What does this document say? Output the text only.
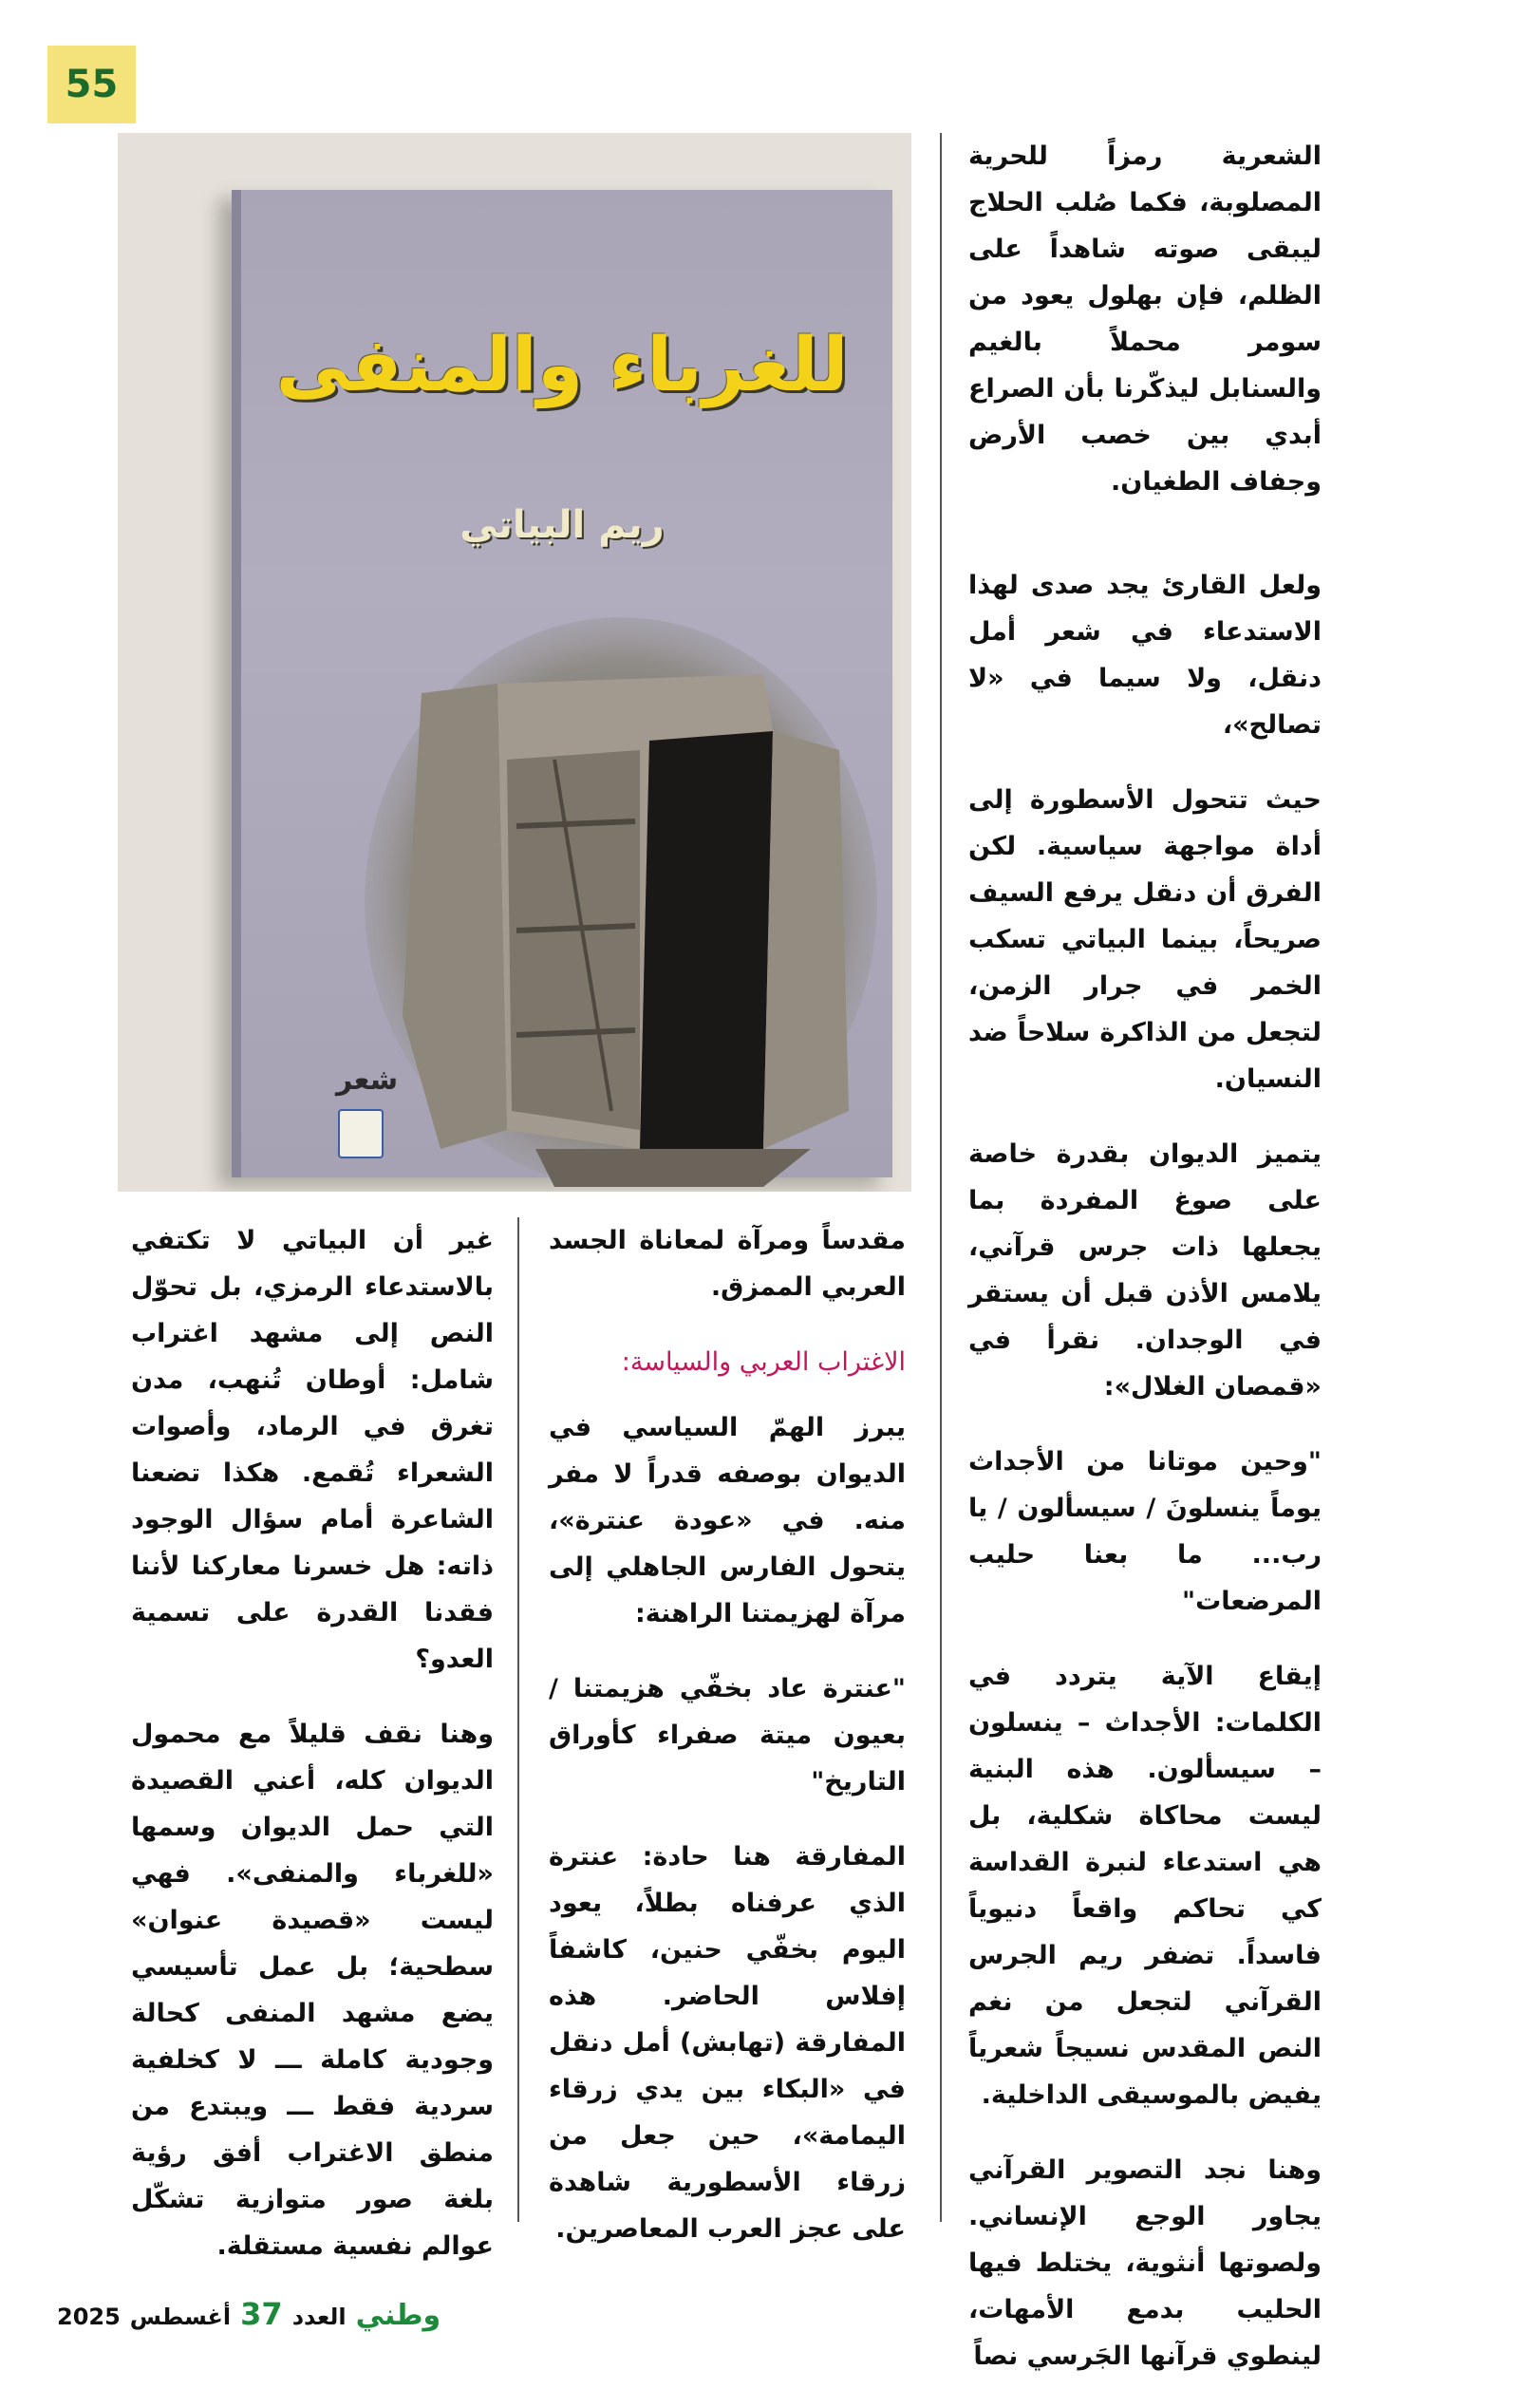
55
للغرباء والمنفى
ريم البياتي
شعر

الشعرية رمزاً للحرية المصلوبة، فكما صُلب الحلاج ليبقى صوته شاهداً على الظلم، فإن بهلول يعود من سومر محملاً بالغيم والسنابل ليذكّرنا بأن الصراع أبدي بين خصب الأرض وجفاف الطغيان.

ولعل القارئ يجد صدى لهذا الاستدعاء في شعر أمل دنقل، ولا سيما في «لا تصالح»،

حيث تتحول الأسطورة إلى أداة مواجهة سياسية. لكن الفرق أن دنقل يرفع السيف صريحاً، بينما البياتي تسكب الخمر في جرار الزمن، لتجعل من الذاكرة سلاحاً ضد النسيان.

يتميز الديوان بقدرة خاصة على صوغ المفردة بما يجعلها ذات جرس قرآني، يلامس الأذن قبل أن يستقر في الوجدان. نقرأ في «قمصان الغلال»:

"وحين موتانا من الأجداث يوماً ينسلونَ / سيسألون / يا رب... ما بعنا حليب المرضعات"

إيقاع الآية يتردد في الكلمات: الأجداث – ينسلون – سيسألون. هذه البنية ليست محاكاة شكلية، بل هي استدعاء لنبرة القداسة كي تحاكم واقعاً دنيوياً فاسداً. تضفر ريم الجرس القرآني لتجعل من نغم النص المقدس نسيجاً شعرياً يفيض بالموسيقى الداخلية.

وهنا نجد التصوير القرآني يجاور الوجع الإنساني. ولصوتها أنثوية، يختلط فيها الحليب بدمع الأمهات، لينطوي قرآنها الجَرسي نصاً

مقدساً ومرآة لمعاناة الجسد العربي الممزق.

الاغتراب العربي والسياسة:

يبرز الهمّ السياسي في الديوان بوصفه قدراً لا مفر منه. في «عودة عنترة»، يتحول الفارس الجاهلي إلى مرآة لهزيمتنا الراهنة:

"عنترة عاد بخفّي هزيمتنا / بعيون ميتة صفراء كأوراق التاريخ"

المفارقة هنا حادة: عنترة الذي عرفناه بطلاً، يعود اليوم بخفّي حنين، كاشفاً إفلاس الحاضر. هذه المفارقة (تهابش) أمل دنقل في «البكاء بين يدي زرقاء اليمامة»، حين جعل من زرقاء الأسطورية شاهدة على عجز العرب المعاصرين.

غير أن البياتي لا تكتفي بالاستدعاء الرمزي، بل تحوّل النص إلى مشهد اغتراب شامل: أوطان تُنهب، مدن تغرق في الرماد، وأصوات الشعراء تُقمع. هكذا تضعنا الشاعرة أمام سؤال الوجود ذاته: هل خسرنا معاركنا لأننا فقدنا القدرة على تسمية العدو؟

وهنا نقف قليلاً مع محمول الديوان كله، أعني القصيدة التي حمل الديوان وسمها «للغرباء والمنفى». فهي ليست «قصيدة عنوان» سطحية؛ بل عمل تأسيسي يضع مشهد المنفى كحالة وجودية كاملة ـــ لا كخلفية سردية فقط ـــ ويبتدع من منطق الاغتراب أفق رؤية بلغة صور متوازية تشكّل عوالم نفسية مستقلة.

وطني
العدد
37
أغسطس
2025
